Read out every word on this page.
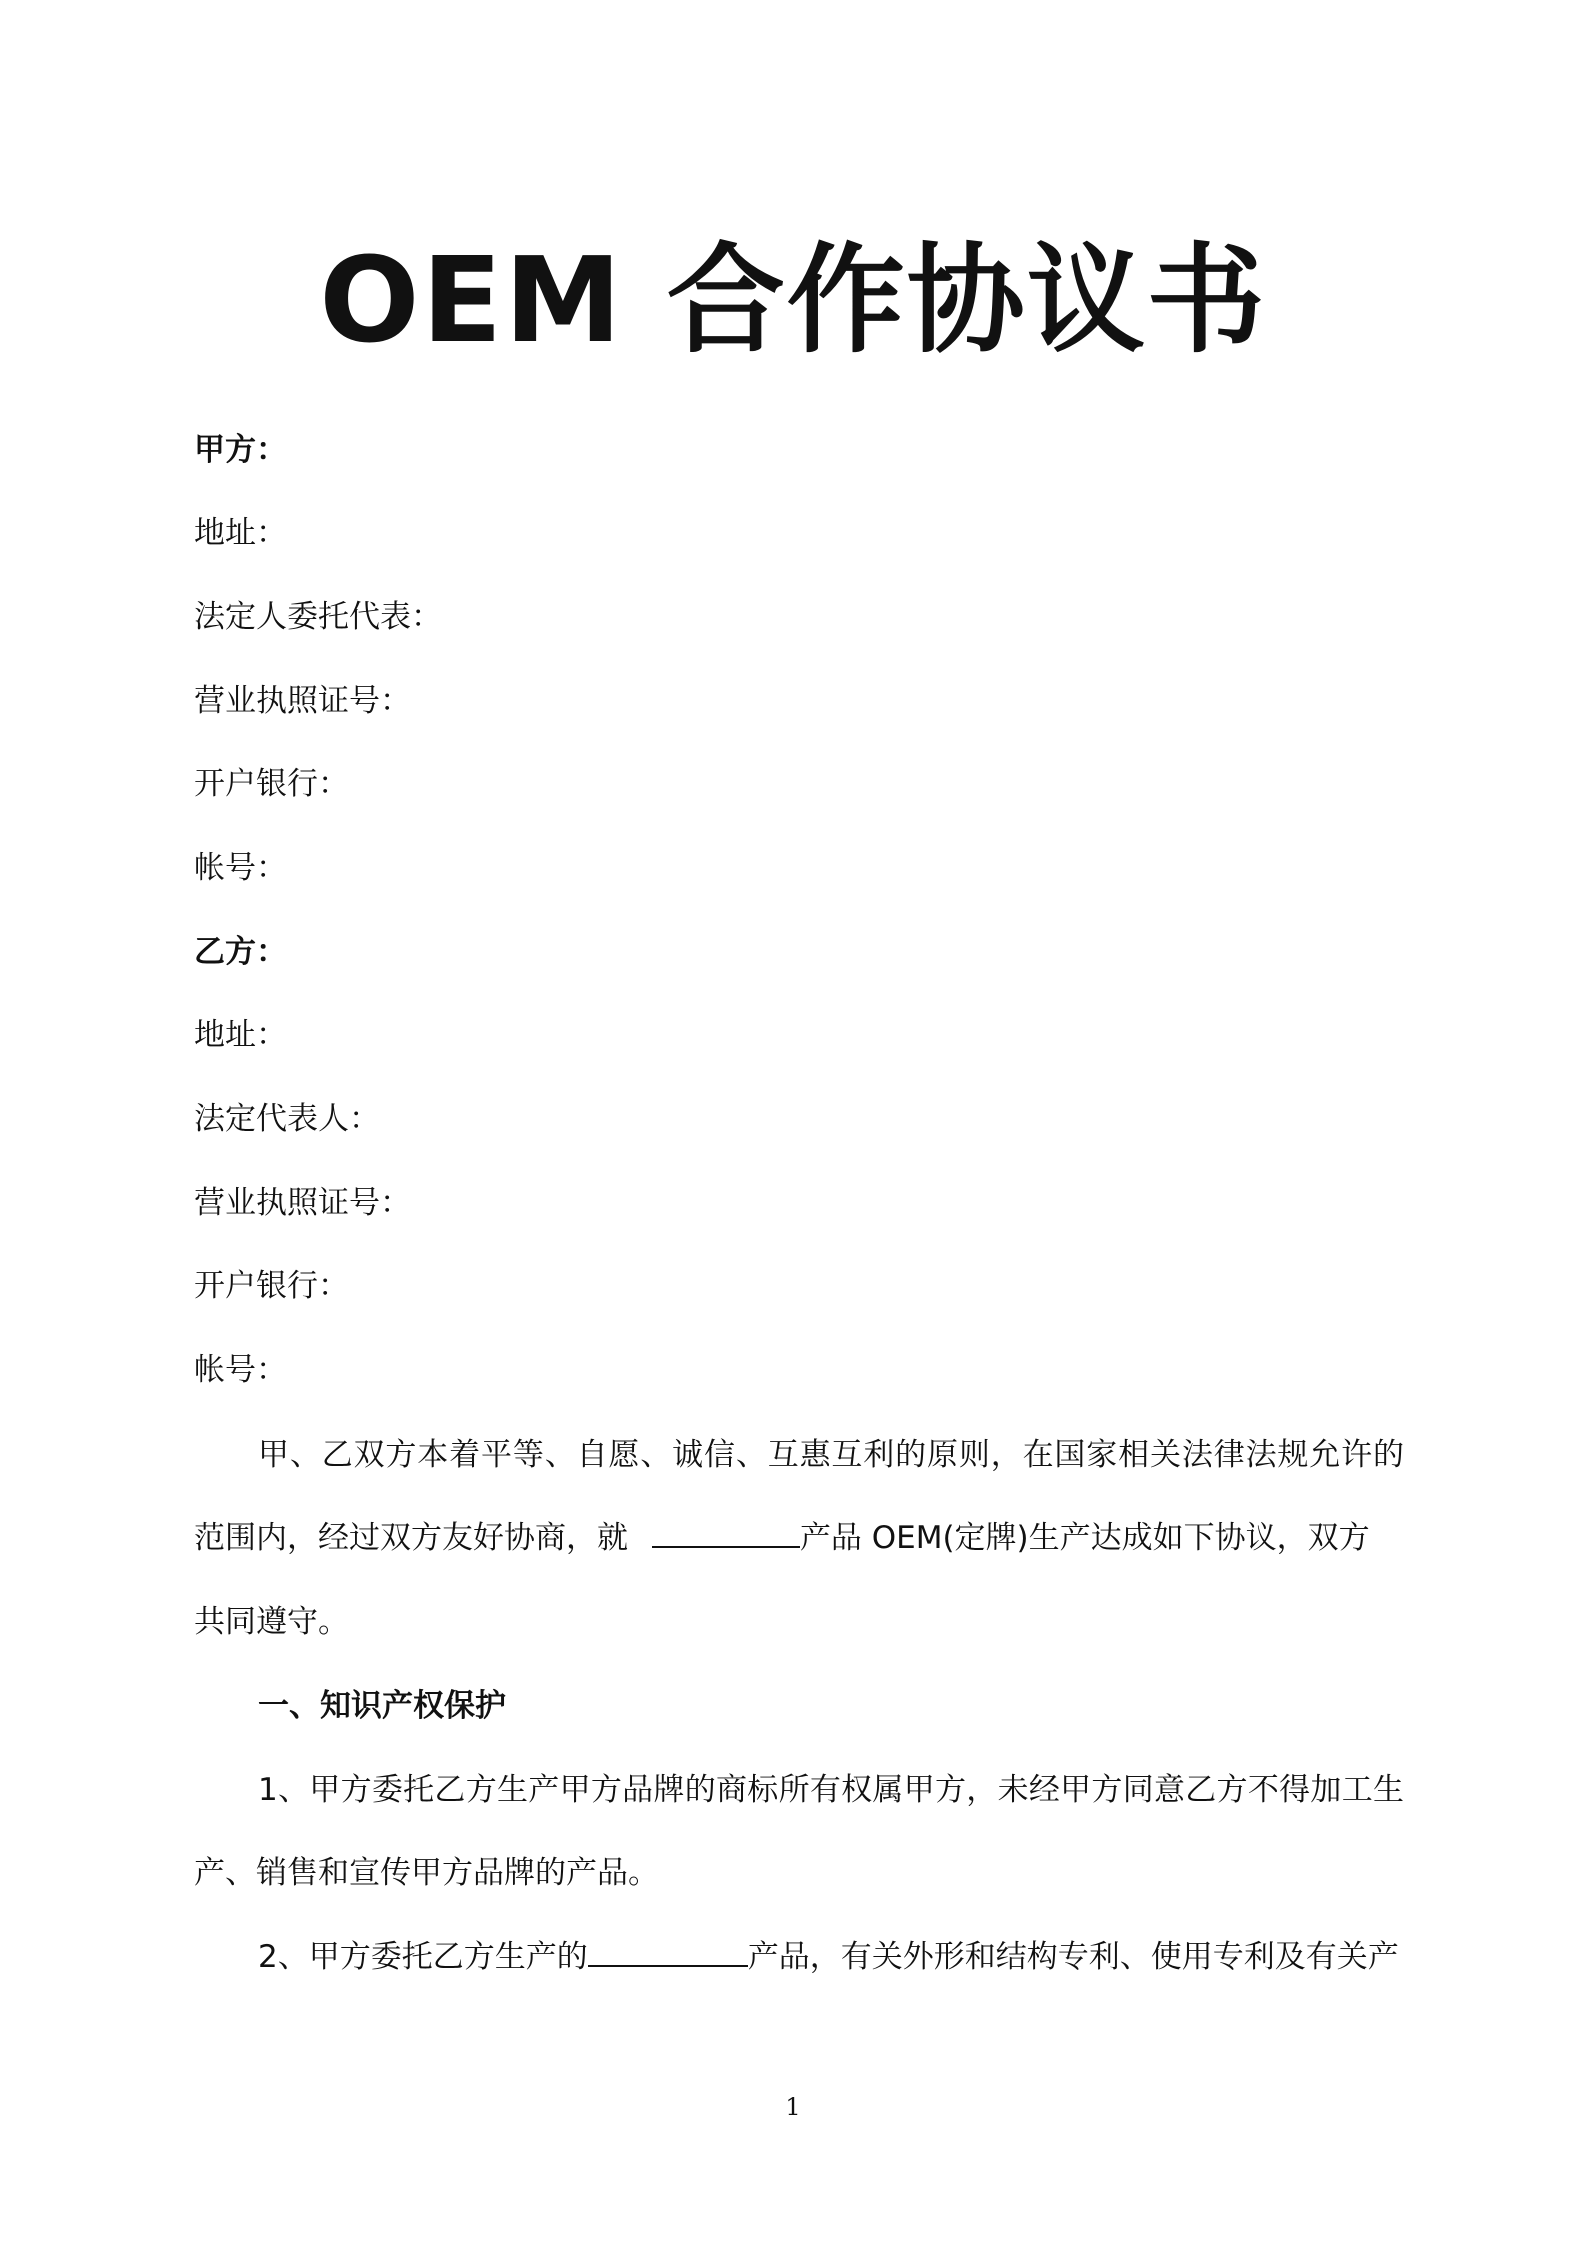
OEM 合作协议书
甲方：
地址：
法定人委托代表：
营业执照证号：
开户银行：
帐号：
乙方：
地址：
法定代表人：
营业执照证号：
开户银行：
帐号：
甲、乙双方本着平等、自愿、诚信、互惠互利的原则，在国家相关法律法规允许的
范围内，经过双方友好协商，就	产品 OEM(定牌)生产达成如下协议，双方
共同遵守。
一、知识产权保护
1、甲方委托乙方生产甲方品牌的商标所有权属甲方，未经甲方同意乙方不得加工生
产、销售和宣传甲方品牌的产品。
2、甲方委托乙方生产的	产品，有关外形和结构专利、使用专利及有关产
1
